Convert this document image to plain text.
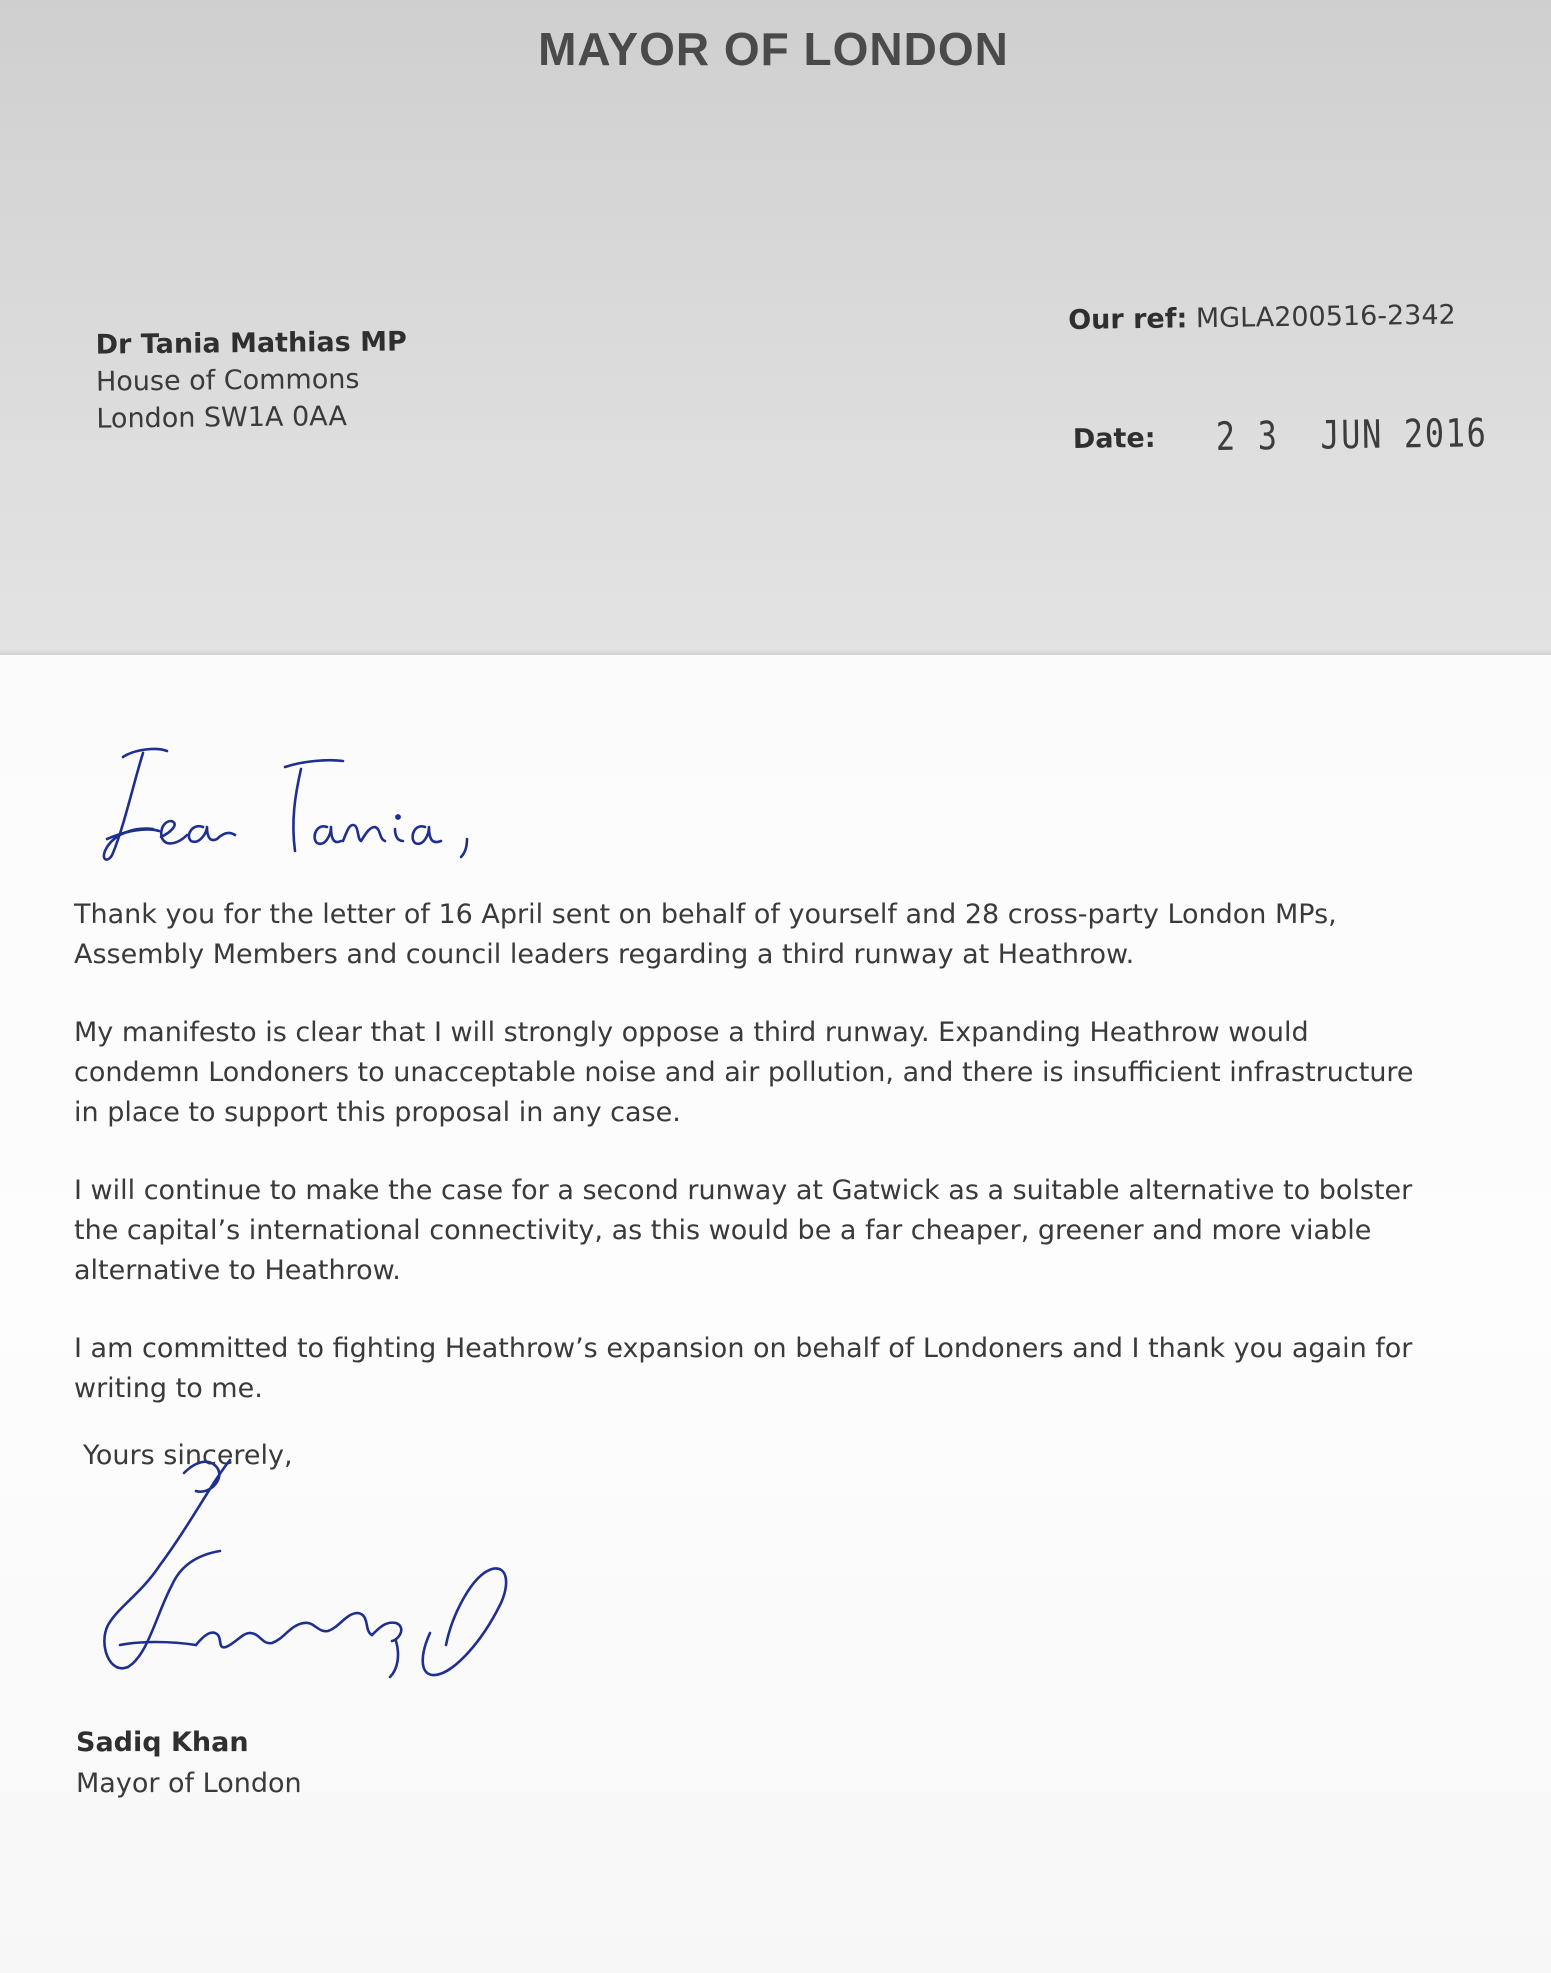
MAYOR OF LONDON
Dr Tania Mathias MP
House of Commons
London SW1A 0AA
Our ref: MGLA200516-2342
Date: 2 3  JUN 2016

Thank you for the letter of 16 April sent on behalf of yourself and 28 cross-party London MPs,
Assembly Members and council leaders regarding a third runway at Heathrow.

My manifesto is clear that I will strongly oppose a third runway. Expanding Heathrow would
condemn Londoners to unacceptable noise and air pollution, and there is insufficient infrastructure
in place to support this proposal in any case.

I will continue to make the case for a second runway at Gatwick as a suitable alternative to bolster
the capital’s international connectivity, as this would be a far cheaper, greener and more viable
alternative to Heathrow.

I am committed to fighting Heathrow’s expansion on behalf of Londoners and I thank you again for
writing to me.

Yours sincerely,
Sadiq Khan
Mayor of London
